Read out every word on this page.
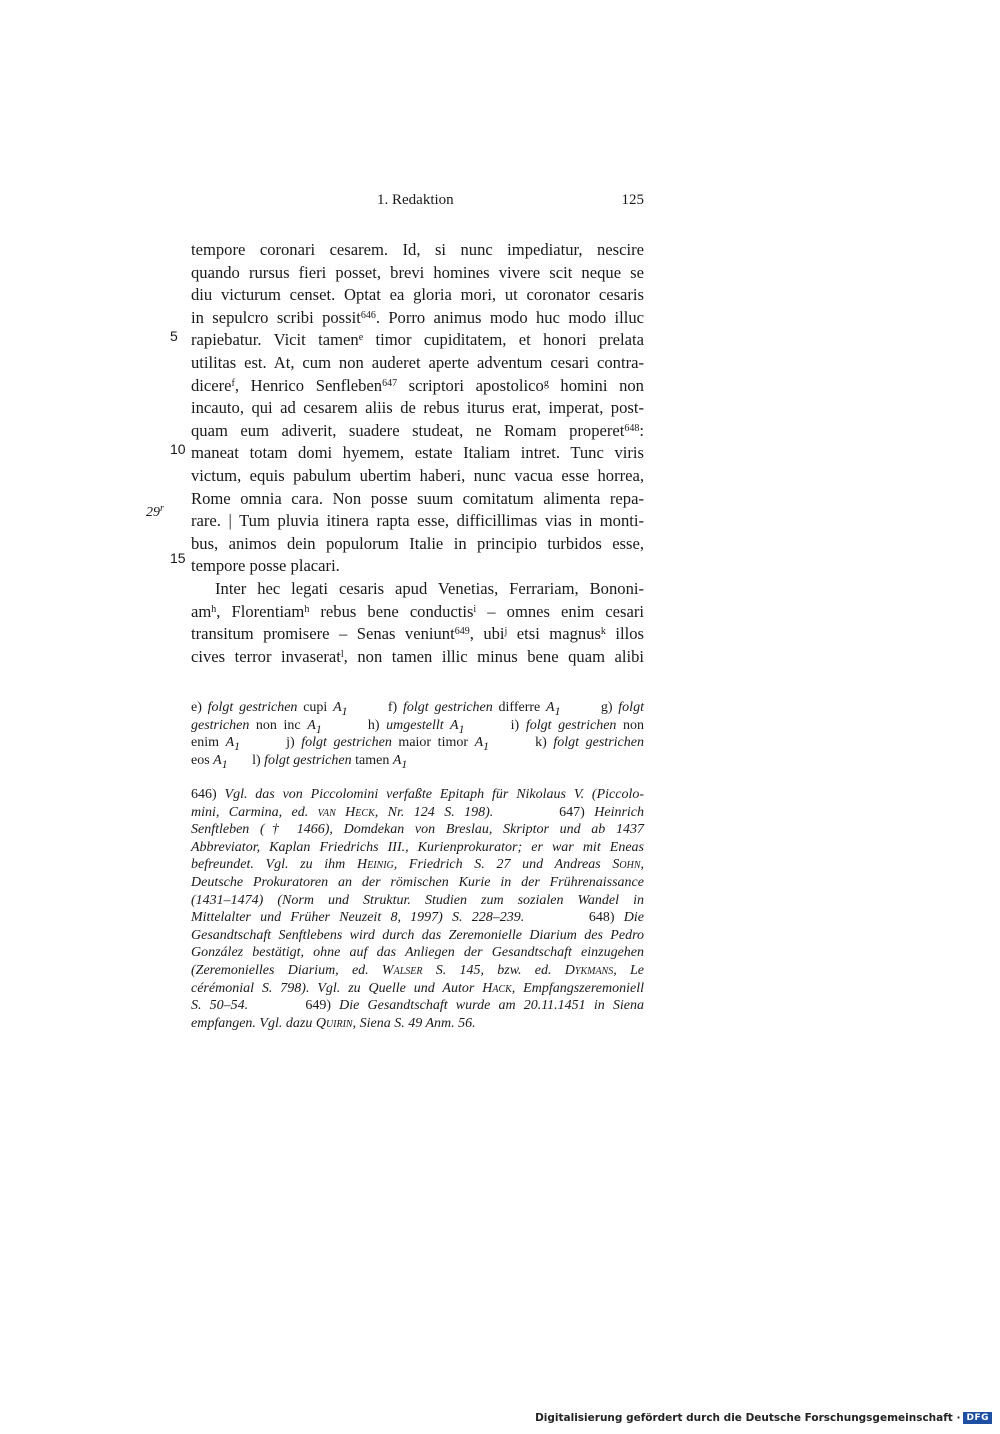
1. Redaktion	125
5
10
15
29$^r$
tempore coronari cesarem. Id, si nunc impediatur, nescire
quando rursus fieri posset, brevi homines vivere scit neque se
diu victurum censet. Optat ea gloria mori, ut coronator cesaris
in sepulcro scribi possit$^{646}$. Porro animus modo huc modo illuc
rapiebatur. Vicit tamen$^e$ timor cupiditatem, et honori prelata
utilitas est. At, cum non auderet aperte adventum cesari contra-
dicere$^f$, Henrico Senfleben$^{647}$ scriptori apostolico$^g$ homini non
incauto, qui ad cesarem aliis de rebus iturus erat, imperat, post-
quam eum adiverit, suadere studeat, ne Romam properet$^{648}$:
maneat totam domi hyemem, estate Italiam intret. Tunc viris
victum, equis pabulum ubertim haberi, nunc vacua esse horrea,
Rome omnia cara. Non posse suum comitatum alimenta repa-
rare. | Tum pluvia itinera rapta esse, difficillimas vias in monti-
bus, animos dein populorum Italie in principio turbidos esse,
tempore posse placari.
Inter hec legati cesaris apud Venetias, Ferrariam, Bononi-
$am^h$, Florentiam$^h$ rebus bene conductis$^i$ – omnes enim cesari
transitum promisere – Senas veniunt$^{649}$, ubi$^j$ etsi magnus$^k$ illos
cives terror invaserat$^l$, non tamen illic minus bene quam alibi
e) folgt gestrichen cupi $A_1$       f) folgt gestrichen differre $A_1$       g) folgt
gestrichen non inc $A_1$       h) umgestellt $A_1$       i) folgt gestrichen non
enim $A_1$       j) folgt gestrichen maior timor $A_1$       k) folgt gestrichen
eos $A_1$       l) folgt gestrichen tamen $A_1$
646) Vgl. das von Piccolomini verfaßte Epitaph für Nikolaus V. (Piccolo-
mini, Carmina, ed. van Heck, Nr. 124 S. 198).       647) Heinrich
Senftleben († 1466), Domdekan von Breslau, Skriptor und ab 1437
Abbreviator, Kaplan Friedrichs III., Kurienprokurator; er war mit Eneas
befreundet. Vgl. zu ihm Heinig, Friedrich S. 27 und Andreas Sohn,
Deutsche Prokuratoren an der römischen Kurie in der Frührenaissance
(1431–1474) (Norm und Struktur. Studien zum sozialen Wandel in
Mittelalter und Früher Neuzeit 8, 1997) S. 228–239.       648) Die
Gesandtschaft Senftlebens wird durch das Zeremonielle Diarium des Pedro
González bestätigt, ohne auf das Anliegen der Gesandtschaft einzugehen
(Zeremonielles Diarium, ed. Walser S. 145, bzw. ed. Dykmans, Le
cérémonial S. 798). Vgl. zu Quelle und Autor Hack, Empfangszeremoniell
S. 50–54.       649) Die Gesandtschaft wurde am 20.11.1451 in Siena
empfangen. Vgl. dazu Quirin, Siena S. 49 Anm. 56.
Digitalisierung gefördert durch die Deutsche Forschungsgemeinschaft · DFG
